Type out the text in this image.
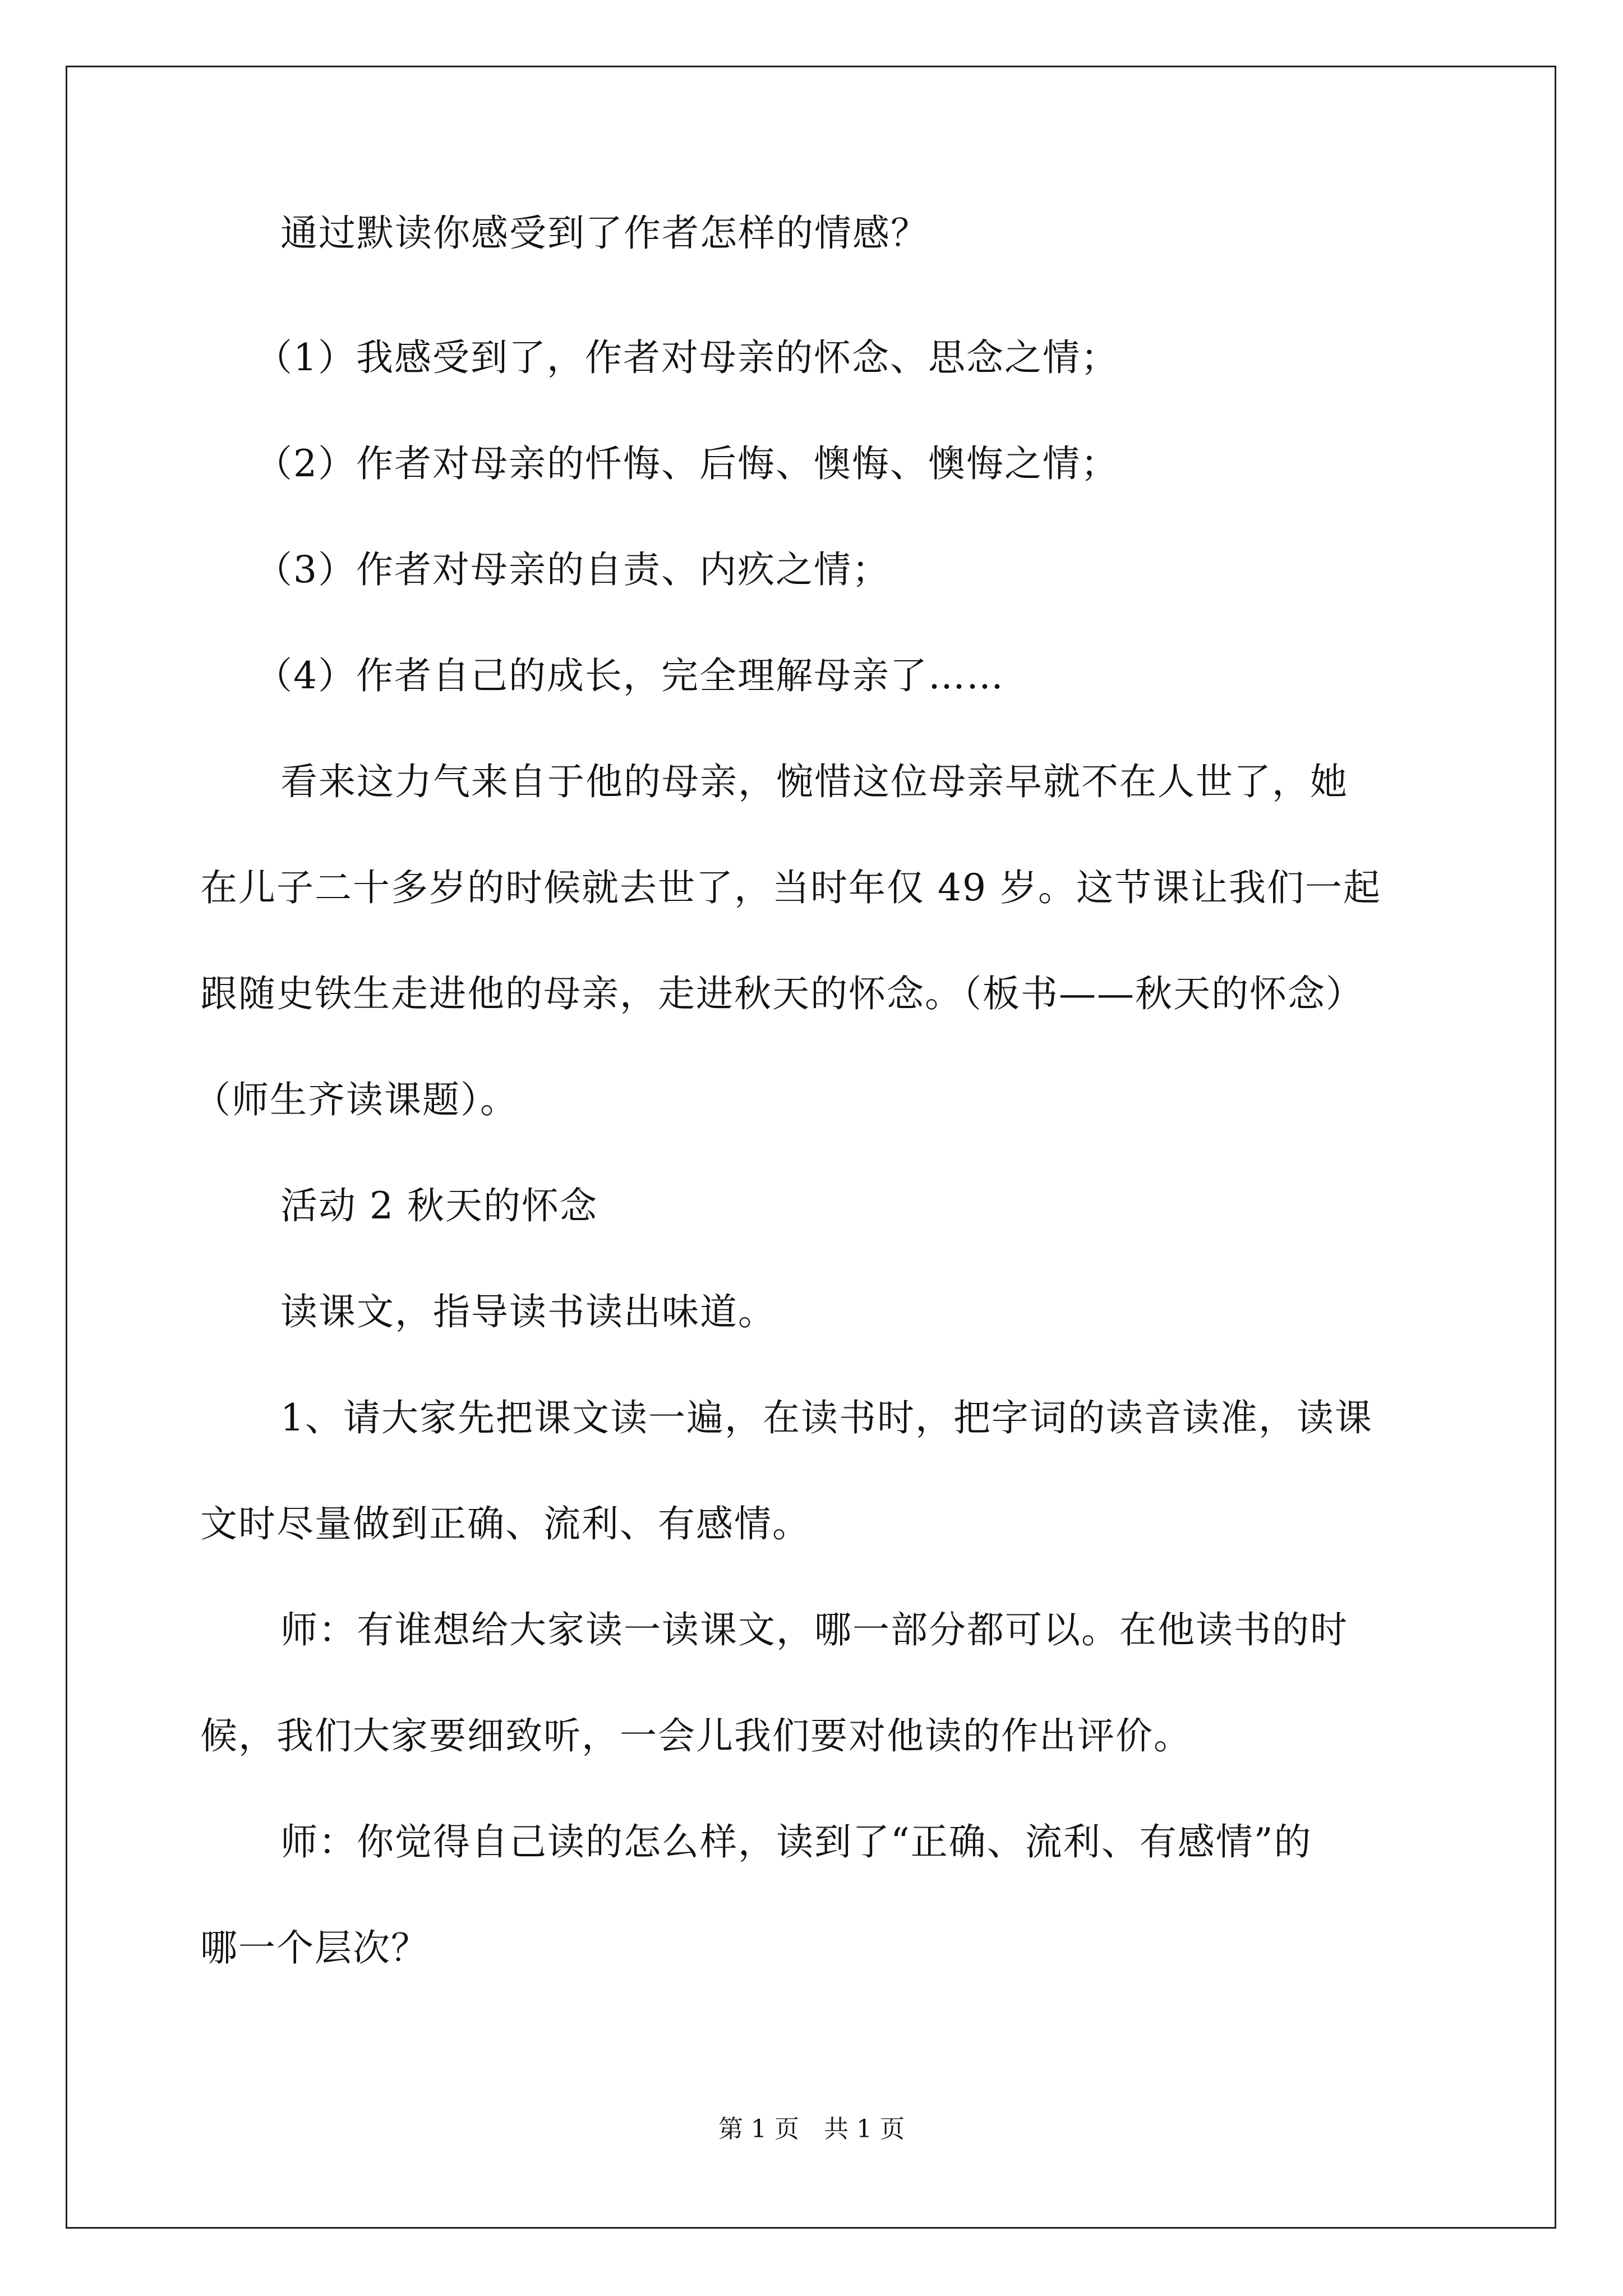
通过默读你感受到了作者怎样的情感？
（1）我感受到了，作者对母亲的怀念、思念之情；
（2）作者对母亲的忏悔、后悔、懊悔、懊悔之情；
（3）作者对母亲的自责、内疚之情；
（4）作者自己的成长，完全理解母亲了……
看来这力气来自于他的母亲，惋惜这位母亲早就不在人世了，她
在儿子二十多岁的时候就去世了，当时年仅 49 岁。这节课让我们一起
跟随史铁生走进他的母亲，走进秋天的怀念。（板书——秋天的怀念）
（师生齐读课题）。
活动 2 秋天的怀念
读课文，指导读书读出味道。
1、请大家先把课文读一遍，在读书时，把字词的读音读准，读课
文时尽量做到正确、流利、有感情。
师：有谁想给大家读一读课文，哪一部分都可以。在他读书的时
候，我们大家要细致听，一会儿我们要对他读的作出评价。
师：你觉得自己读的怎么样，读到了“正确、流利、有感情”的
哪一个层次？
第 1 页　共 1 页
